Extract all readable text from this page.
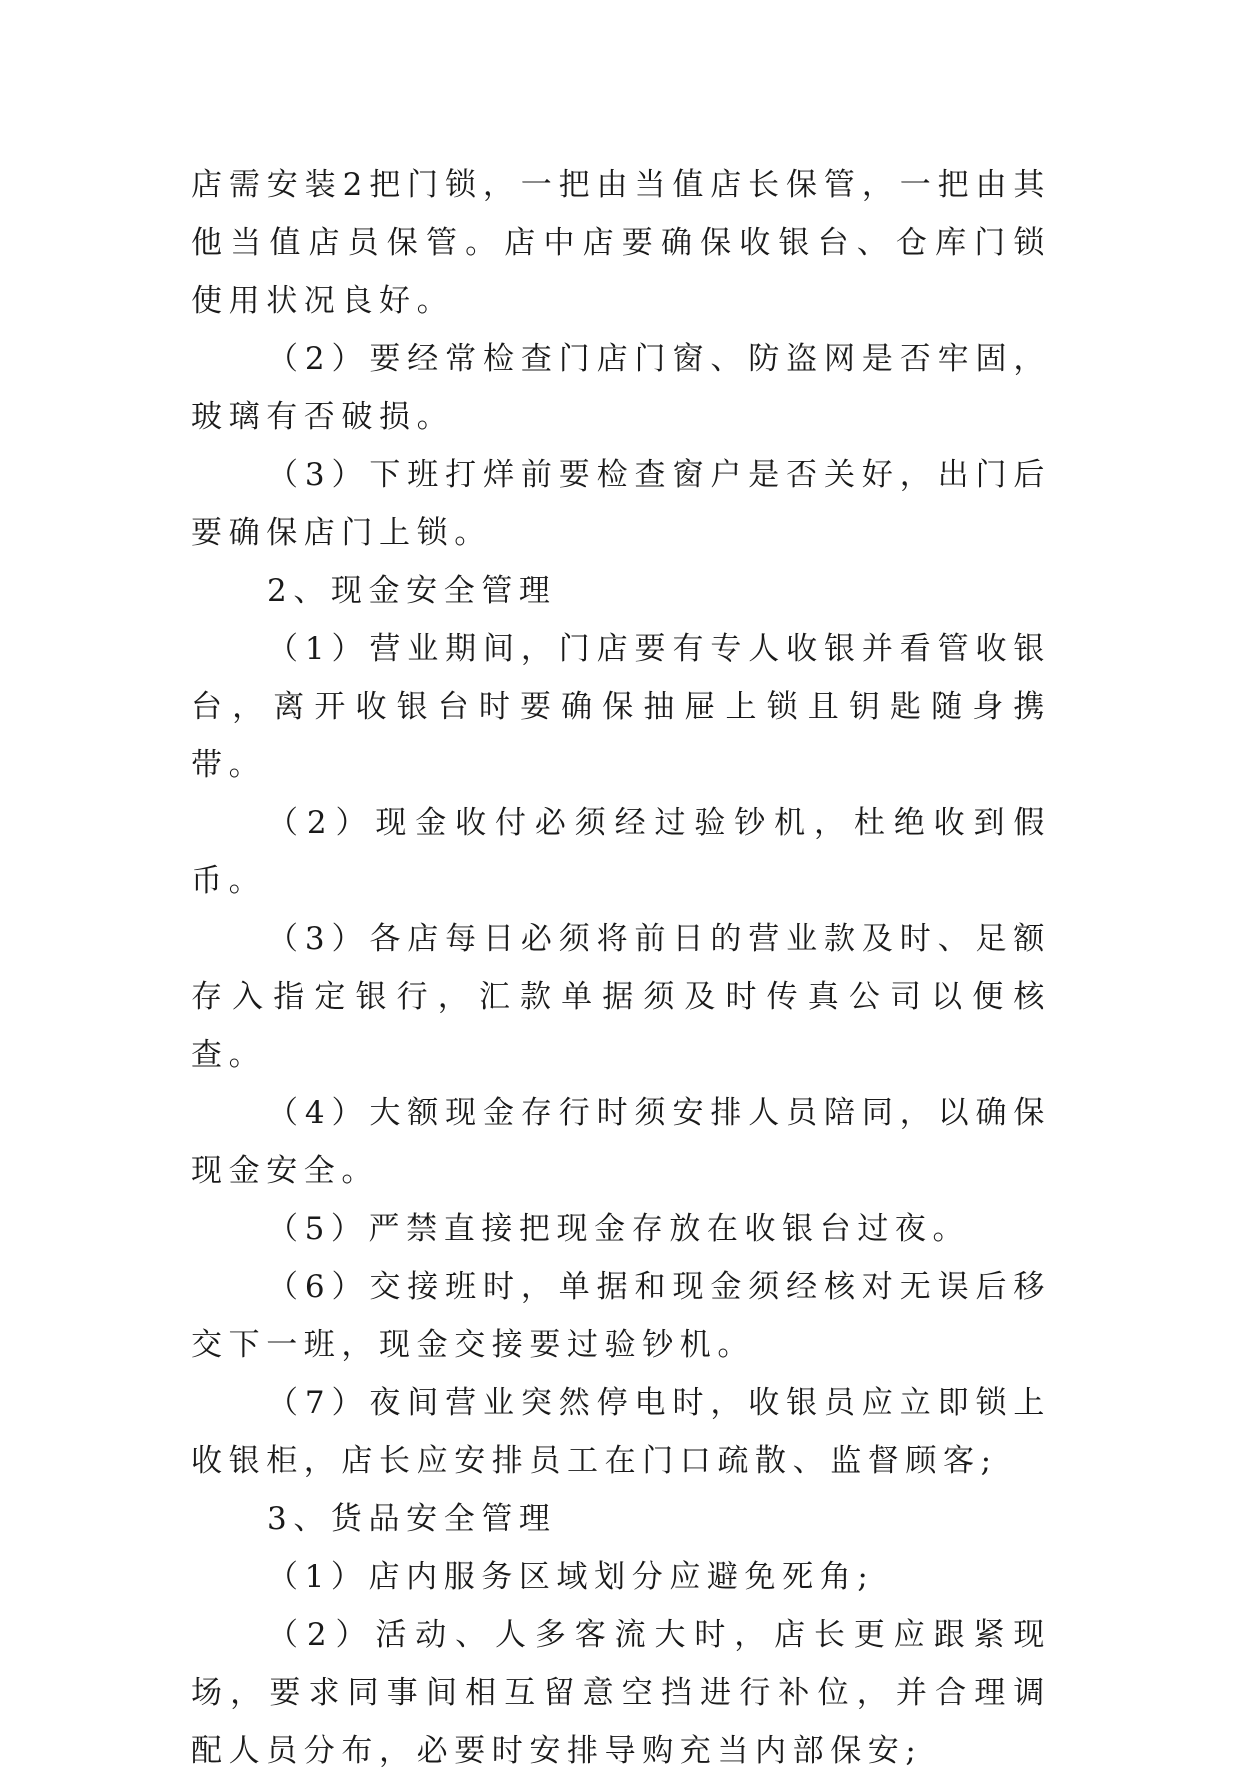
店需安装2把门锁，一把由当值店长保管，一把由其他当值店员保管。店中店要确保收银台、仓库门锁使用状况良好。

（2）要经常检查门店门窗、防盗网是否牢固，玻璃有否破损。

（3）下班打烊前要检查窗户是否关好，出门后要确保店门上锁。

2、现金安全管理

（1）营业期间，门店要有专人收银并看管收银台，离开收银台时要确保抽屉上锁且钥匙随身携带。

（2）现金收付必须经过验钞机，杜绝收到假币。

（3）各店每日必须将前日的营业款及时、足额存入指定银行，汇款单据须及时传真公司以便核查。

（4）大额现金存行时须安排人员陪同，以确保现金安全。

（5）严禁直接把现金存放在收银台过夜。

（6）交接班时，单据和现金须经核对无误后移交下一班，现金交接要过验钞机。

（7）夜间营业突然停电时，收银员应立即锁上收银柜，店长应安排员工在门口疏散、监督顾客;

3、货品安全管理

（1）店内服务区域划分应避免死角;

（2）活动、人多客流大时，店长更应跟紧现场，要求同事间相互留意空挡进行补位，并合理调配人员分布，必要时安排导购充当内部保安;
